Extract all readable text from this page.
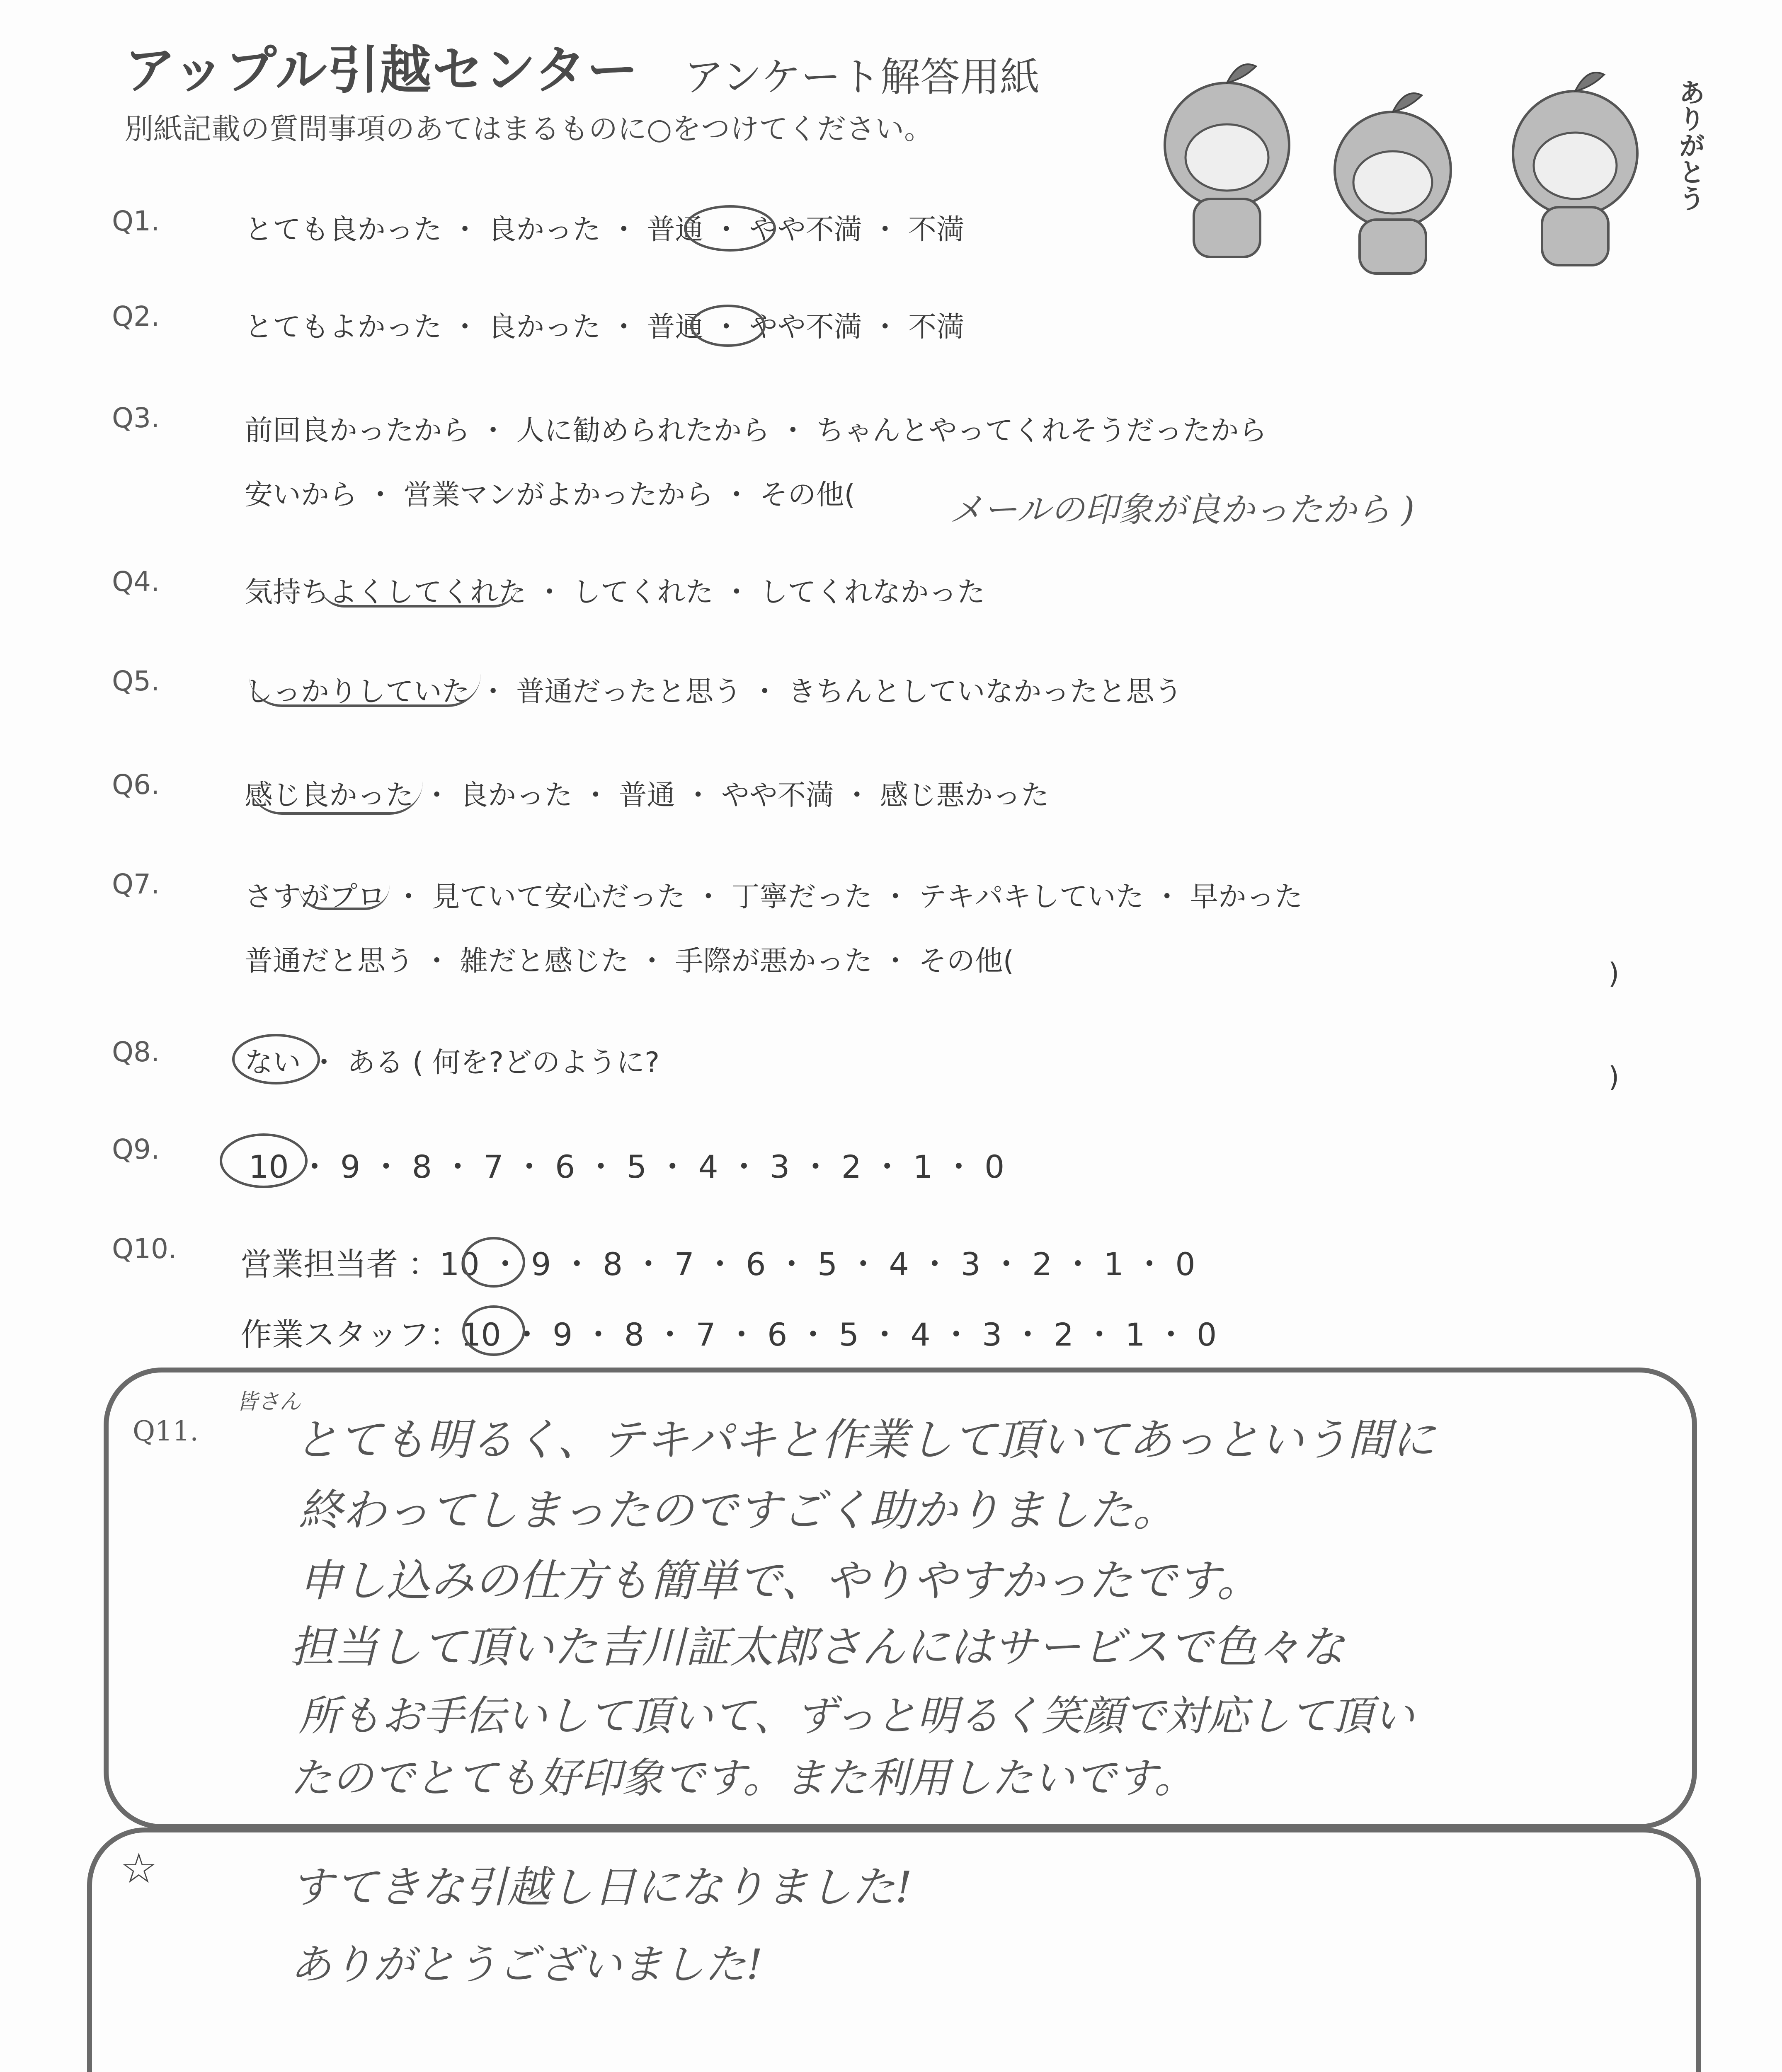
アップル引越センター アンケート解答用紙
別紙記載の質問事項のあてはまるものに○をつけてください。	ありがとう
Q1.	とても良かった ・ 良かった ・ 普通 ・ やや不満 ・ 不満
Q2.	とてもよかった ・ 良かった ・ 普通 ・ やや不満 ・ 不満
Q3.	前回良かったから ・ 人に勧められたから ・ ちゃんとやってくれそうだったから
安いから ・ 営業マンがよかったから ・ その他(	メールの印象が良かったから )
Q4.	気持ちよくしてくれた ・ してくれた ・ してくれなかった
Q5.	しっかりしていた ・ 普通だったと思う ・ きちんとしていなかったと思う
Q6.	感じ良かった ・ 良かった ・ 普通 ・ やや不満 ・ 感じ悪かった
Q7.	さすがプロ ・ 見ていて安心だった ・ 丁寧だった ・ テキパキしていた ・ 早かった
普通だと思う ・ 雑だと感じた ・ 手際が悪かった ・ その他(	)
Q8.	ない ・ ある ( 何を?どのように?	)
Q9.	10 ・ 9 ・ 8 ・ 7 ・ 6 ・ 5 ・ 4 ・ 3 ・ 2 ・ 1 ・ 0
Q10. 営業担当者 ：10 ・ 9 ・ 8 ・ 7 ・ 6 ・ 5 ・ 4 ・ 3 ・ 2 ・ 1 ・ 0
作業スタッフ：10 ・ 9 ・ 8 ・ 7 ・ 6 ・ 5 ・ 4 ・ 3 ・ 2 ・ 1 ・ 0
Q11.
皆さん
とても明るく、テキパキと作業して頂いてあっという間に
終わってしまったのですごく助かりました。
申し込みの仕方も簡単で、やりやすかったです。
担当して頂いた吉川証太郎さんにはサービスで色々な
所もお手伝いして頂いて、ずっと明るく笑顔で対応して頂い
たのでとても好印象です。また利用したいです。
☆	すてきな引越し日になりました!
ありがとうございました!
